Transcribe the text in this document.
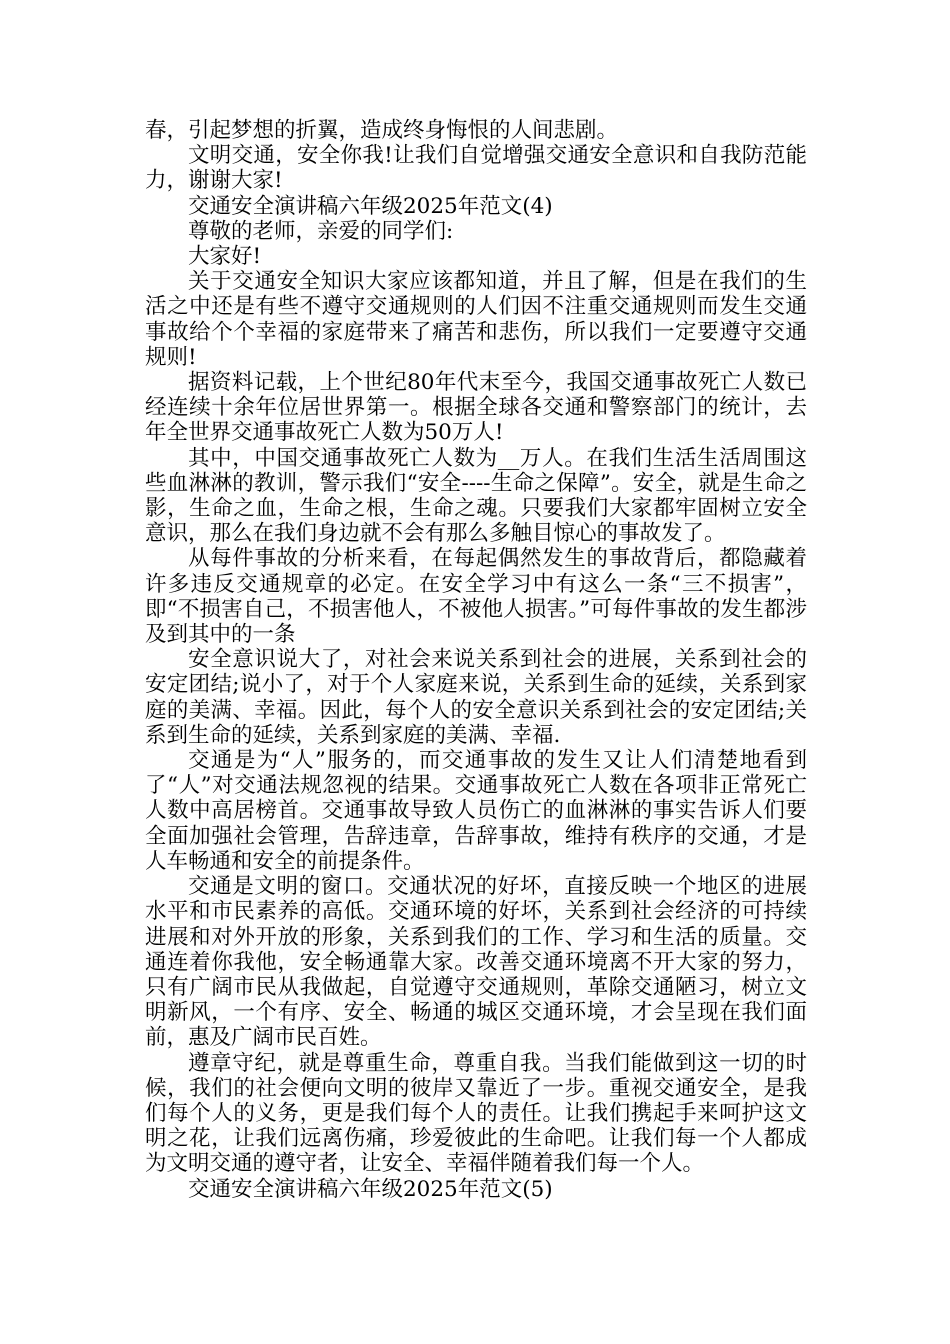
春，引起梦想的折翼，造成终身悔恨的人间悲剧。

文明交通，安全你我!让我们自觉增强交通安全意识和自我防范能力，谢谢大家!

交通安全演讲稿六年级2025年范文(4)

尊敬的老师，亲爱的同学们:

大家好!

关于交通安全知识大家应该都知道，并且了解，但是在我们的生活之中还是有些不遵守交通规则的人们因不注重交通规则而发生交通事故给个个幸福的家庭带来了痛苦和悲伤，所以我们一定要遵守交通规则!

据资料记载，上个世纪80年代末至今，我国交通事故死亡人数已经连续十余年位居世界第一。根据全球各交通和警察部门的统计，去年全世界交通事故死亡人数为50万人!

其中，中国交通事故死亡人数为__万人。在我们生活生活周围这些血淋淋的教训，警示我们“安全----生命之保障”。安全，就是生命之影，生命之血，生命之根，生命之魂。只要我们大家都牢固树立安全意识，那么在我们身边就不会有那么多触目惊心的事故发了。

从每件事故的分析来看，在每起偶然发生的事故背后，都隐藏着许多违反交通规章的必定。在安全学习中有这么一条“三不损害”，即“不损害自己，不损害他人，不被他人损害。”可每件事故的发生都涉及到其中的一条

安全意识说大了，对社会来说关系到社会的进展，关系到社会的安定团结;说小了，对于个人家庭来说，关系到生命的延续，关系到家庭的美满、幸福。因此，每个人的安全意识关系到社会的安定团结;关系到生命的延续，关系到家庭的美满、幸福.

交通是为“人”服务的，而交通事故的发生又让人们清楚地看到了“人”对交通法规忽视的结果。交通事故死亡人数在各项非正常死亡人数中高居榜首。交通事故导致人员伤亡的血淋淋的事实告诉人们要全面加强社会管理，告辞违章，告辞事故，维持有秩序的交通，才是人车畅通和安全的前提条件。

交通是文明的窗口。交通状况的好坏，直接反映一个地区的进展水平和市民素养的高低。交通环境的好坏，关系到社会经济的可持续进展和对外开放的形象，关系到我们的工作、学习和生活的质量。交通连着你我他，安全畅通靠大家。改善交通环境离不开大家的努力，只有广阔市民从我做起，自觉遵守交通规则，革除交通陋习，树立文明新风，一个有序、安全、畅通的城区交通环境，才会呈现在我们面前，惠及广阔市民百姓。

遵章守纪，就是尊重生命，尊重自我。当我们能做到这一切的时候，我们的社会便向文明的彼岸又靠近了一步。重视交通安全，是我们每个人的义务，更是我们每个人的责任。让我们携起手来呵护这文明之花，让我们远离伤痛，珍爱彼此的生命吧。让我们每一个人都成为文明交通的遵守者，让安全、幸福伴随着我们每一个人。

交通安全演讲稿六年级2025年范文(5)
